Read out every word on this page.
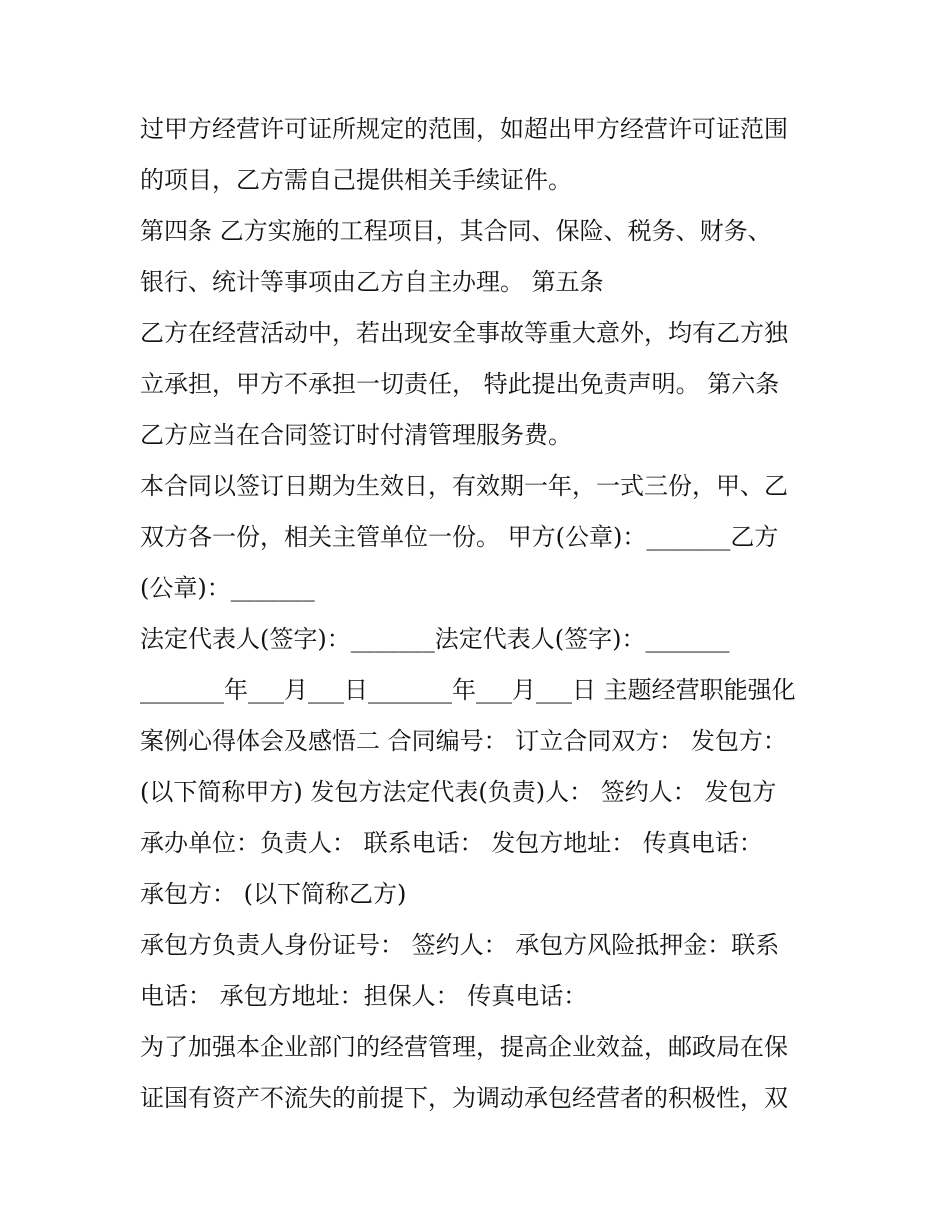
过甲方经营许可证所规定的范围，如超出甲方经营许可证范围
的项目，乙方需自己提供相关手续证件。
第四条 乙方实施的工程项目，其合同、保险、税务、财务、
银行、统计等事项由乙方自主办理。 第五条
乙方在经营活动中，若出现安全事故等重大意外，均有乙方独
立承担，甲方不承担一切责任， 特此提出免责声明。 第六条
乙方应当在合同签订时付清管理服务费。
本合同以签订日期为生效日，有效期一年，一式三份，甲、乙
双方各一份，相关主管单位一份。 甲方(公章)：_______乙方
(公章)：_______
法定代表人(签字)：_______法定代表人(签字)：_______
_______年___月___日_______年___月___日 主题经营职能强化
案例心得体会及感悟二 合同编号： 订立合同双方： 发包方：
(以下简称甲方) 发包方法定代表(负责)人： 签约人： 发包方
承办单位：负责人： 联系电话： 发包方地址： 传真电话：
承包方： (以下简称乙方)
承包方负责人身份证号： 签约人： 承包方风险抵押金：联系
电话： 承包方地址：担保人： 传真电话：
为了加强本企业部门的经营管理，提高企业效益，邮政局在保
证国有资产不流失的前提下，为调动承包经营者的积极性，双
